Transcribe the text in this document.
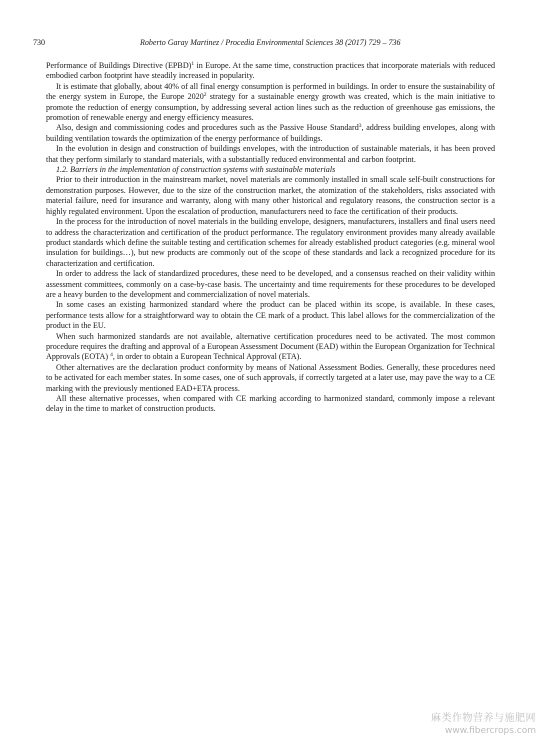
730	Roberto Garay Martinez / Procedia Environmental Sciences 38 (2017) 729 – 736

Performance of Buildings Directive (EPBD)$^1$ in Europe. At the same time, construction practices that incorporate materials with reduced embodied carbon footprint have steadily increased in popularity.

It is estimate that globally, about 40% of all final energy consumption is performed in buildings. In order to ensure the sustainability of the energy system in Europe, the Europe 2020$^2$ strategy for a sustainable energy growth was created, which is the main initiative to promote the reduction of energy consumption, by addressing several action lines such as the reduction of greenhouse gas emissions, the promotion of renewable energy and energy efficiency measures.

Also, design and commissioning codes and procedures such as the Passive House Standard$^3$, address building envelopes, along with building ventilation towards the optimization of the energy performance of buildings.

In the evolution in design and construction of buildings envelopes, with the introduction of sustainable materials, it has been proved that they perform similarly to standard materials, with a substantially reduced environmental and carbon footprint.

1.2. Barriers in the implementation of construction systems with sustainable materials

Prior to their introduction in the mainstream market, novel materials are commonly installed in small scale self-built constructions for demonstration purposes. However, due to the size of the construction market, the atomization of the stakeholders, risks associated with material failure, need for insurance and warranty, along with many other historical and regulatory reasons, the construction sector is a highly regulated environment. Upon the escalation of production, manufacturers need to face the certification of their products.

In the process for the introduction of novel materials in the building envelope, designers, manufacturers, installers and final users need to address the characterization and certification of the product performance. The regulatory environment provides many already available product standards which define the suitable testing and certification schemes for already established product categories (e.g. mineral wool insulation for buildings…), but new products are commonly out of the scope of these standards and lack a recognized procedure for its characterization and certification.

In order to address the lack of standardized procedures, these need to be developed, and a consensus reached on their validity within assessment committees, commonly on a case-by-case basis. The uncertainty and time requirements for these procedures to be developed are a heavy burden to the development and commercialization of novel materials.

In some cases an existing harmonized standard where the product can be placed within its scope, is available. In these cases, performance tests allow for a straightforward way to obtain the CE mark of a product. This label allows for the commercialization of the product in the EU.

When such harmonized standards are not available, alternative certification procedures need to be activated. The most common procedure requires the drafting and approval of a European Assessment Document (EAD) within the European Organization for Technical Approvals (EOTA) $^4$, in order to obtain a European Technical Approval (ETA).

Other alternatives are the declaration product conformity by means of National Assessment Bodies. Generally, these procedures need to be activated for each member states. In some cases, one of such approvals, if correctly targeted at a later use, may pave the way to a CE marking with the previously mentioned EAD+ETA process.

All these alternative processes, when compared with CE marking according to harmonized standard, commonly impose a relevant delay in the time to market of construction products.

麻类作物营养与施肥网
www.fibercrops.com
